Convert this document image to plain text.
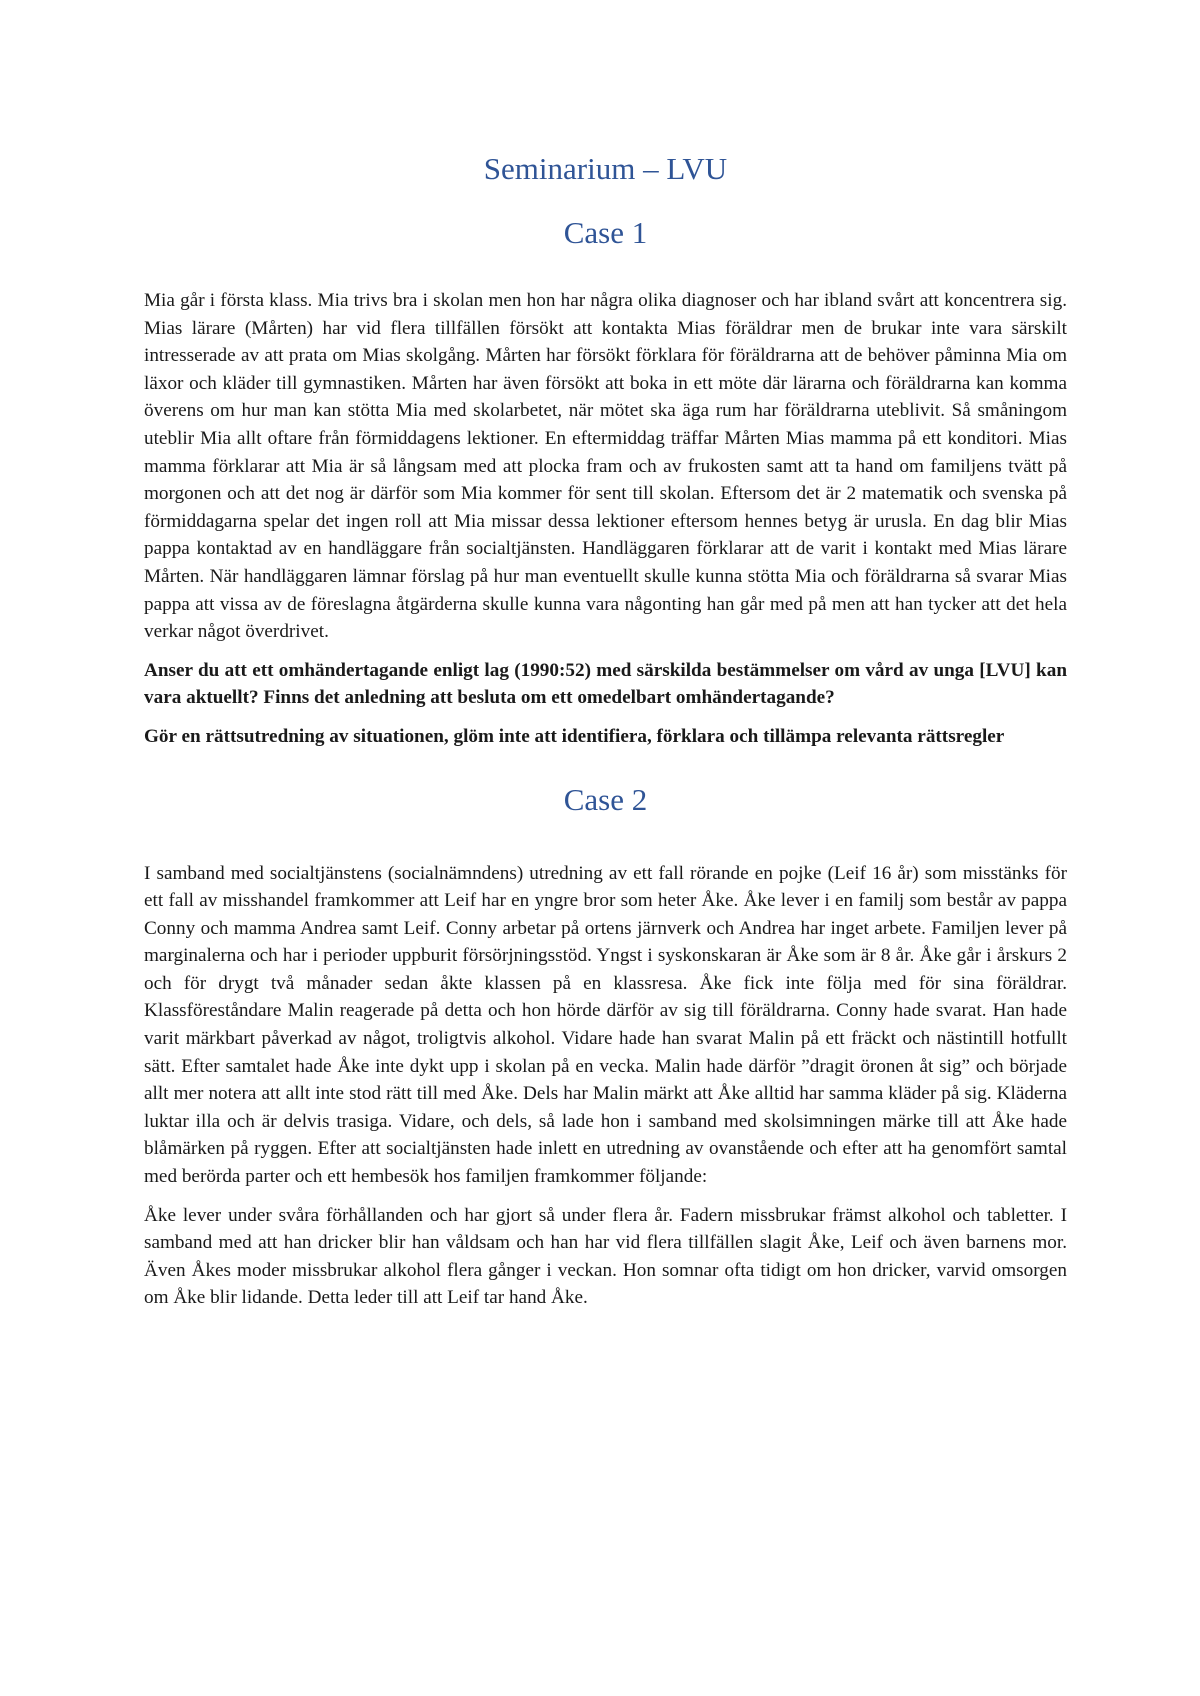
Seminarium – LVU
Case 1

Mia går i första klass. Mia trivs bra i skolan men hon har några olika diagnoser och har ibland svårt att koncentrera sig. Mias lärare (Mårten) har vid flera tillfällen försökt att kontakta Mias föräldrar men de brukar inte vara särskilt intresserade av att prata om Mias skolgång. Mårten har försökt förklara för föräldrarna att de behöver påminna Mia om läxor och kläder till gymnastiken. Mårten har även försökt att boka in ett möte där lärarna och föräldrarna kan komma överens om hur man kan stötta Mia med skolarbetet, när mötet ska äga rum har föräldrarna uteblivit. Så småningom uteblir Mia allt oftare från förmiddagens lektioner. En eftermiddag träffar Mårten Mias mamma på ett konditori. Mias mamma förklarar att Mia är så långsam med att plocka fram och av frukosten samt att ta hand om familjens tvätt på morgonen och att det nog är därför som Mia kommer för sent till skolan. Eftersom det är 2 matematik och svenska på förmiddagarna spelar det ingen roll att Mia missar dessa lektioner eftersom hennes betyg är urusla. En dag blir Mias pappa kontaktad av en handläggare från socialtjänsten. Handläggaren förklarar att de varit i kontakt med Mias lärare Mårten. När handläggaren lämnar förslag på hur man eventuellt skulle kunna stötta Mia och föräldrarna så svarar Mias pappa att vissa av de föreslagna åtgärderna skulle kunna vara någonting han går med på men att han tycker att det hela verkar något överdrivet.

Anser du att ett omhändertagande enligt lag (1990:52) med särskilda bestämmelser om vård av unga [LVU] kan vara aktuellt? Finns det anledning att besluta om ett omedelbart omhändertagande?

Gör en rättsutredning av situationen, glöm inte att identifiera, förklara och tillämpa relevanta rättsregler

Case 2

I samband med socialtjänstens (socialnämndens) utredning av ett fall rörande en pojke (Leif 16 år) som misstänks för ett fall av misshandel framkommer att Leif har en yngre bror som heter Åke. Åke lever i en familj som består av pappa Conny och mamma Andrea samt Leif. Conny arbetar på ortens järnverk och Andrea har inget arbete. Familjen lever på marginalerna och har i perioder uppburit försörjningsstöd. Yngst i syskonskaran är Åke som är 8 år. Åke går i årskurs 2 och för drygt två månader sedan åkte klassen på en klassresa. Åke fick inte följa med för sina föräldrar. Klassföreståndare Malin reagerade på detta och hon hörde därför av sig till föräldrarna. Conny hade svarat. Han hade varit märkbart påverkad av något, troligtvis alkohol. Vidare hade han svarat Malin på ett fräckt och nästintill hotfullt sätt. Efter samtalet hade Åke inte dykt upp i skolan på en vecka. Malin hade därför ”dragit öronen åt sig” och började allt mer notera att allt inte stod rätt till med Åke. Dels har Malin märkt att Åke alltid har samma kläder på sig. Kläderna luktar illa och är delvis trasiga. Vidare, och dels, så lade hon i samband med skolsimningen märke till att Åke hade blåmärken på ryggen. Efter att socialtjänsten hade inlett en utredning av ovanstående och efter att ha genomfört samtal med berörda parter och ett hembesök hos familjen framkommer följande:

Åke lever under svåra förhållanden och har gjort så under flera år. Fadern missbrukar främst alkohol och tabletter. I samband med att han dricker blir han våldsam och han har vid flera tillfällen slagit Åke, Leif och även barnens mor. Även Åkes moder missbrukar alkohol flera gånger i veckan. Hon somnar ofta tidigt om hon dricker, varvid omsorgen om Åke blir lidande. Detta leder till att Leif tar hand Åke.
